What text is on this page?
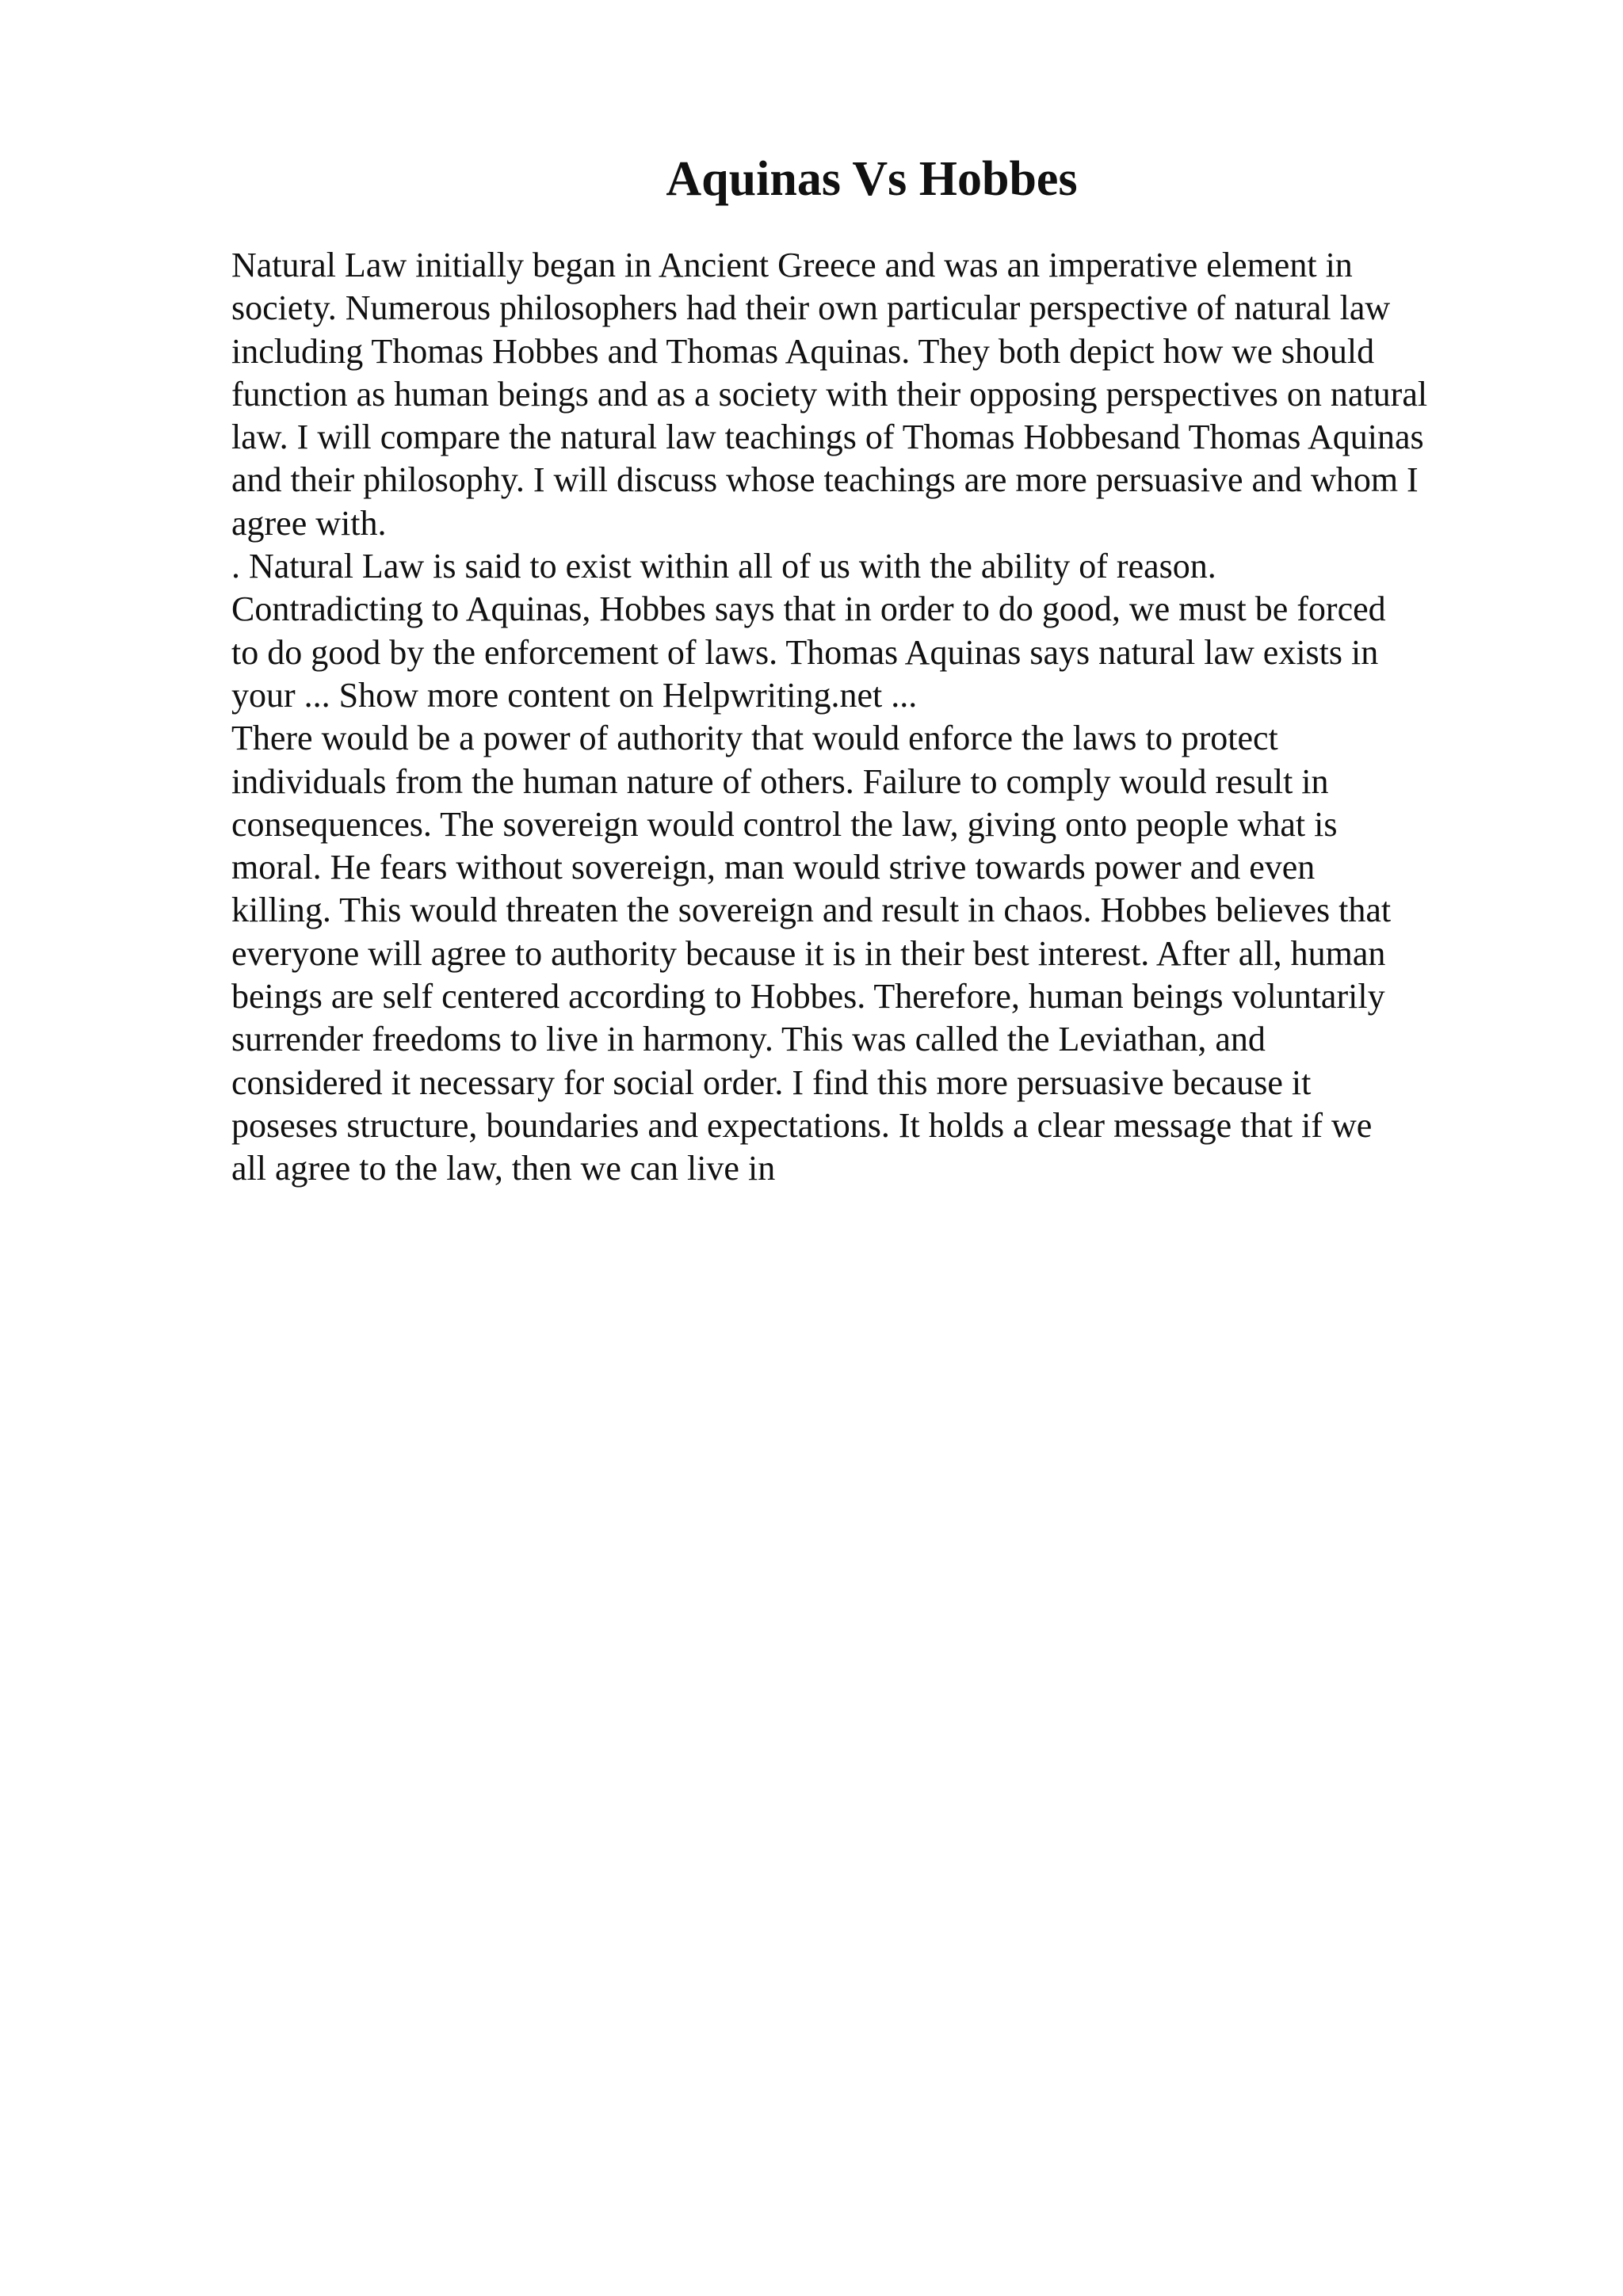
Aquinas Vs Hobbes
Natural Law initially began in Ancient Greece and was an imperative element in
society. Numerous philosophers had their own particular perspective of natural law
including Thomas Hobbes and Thomas Aquinas. They both depict how we should
function as human beings and as a society with their opposing perspectives on natural
law. I will compare the natural law teachings of Thomas Hobbesand Thomas Aquinas
and their philosophy. I will discuss whose teachings are more persuasive and whom I
agree with.
. Natural Law is said to exist within all of us with the ability of reason.
Contradicting to Aquinas, Hobbes says that in order to do good, we must be forced
to do good by the enforcement of laws. Thomas Aquinas says natural law exists in
your ... Show more content on Helpwriting.net ...
There would be a power of authority that would enforce the laws to protect
individuals from the human nature of others. Failure to comply would result in
consequences. The sovereign would control the law, giving onto people what is
moral. He fears without sovereign, man would strive towards power and even
killing. This would threaten the sovereign and result in chaos. Hobbes believes that
everyone will agree to authority because it is in their best interest. After all, human
beings are self centered according to Hobbes. Therefore, human beings voluntarily
surrender freedoms to live in harmony. This was called the Leviathan, and
considered it necessary for social order. I find this more persuasive because it
poseses structure, boundaries and expectations. It holds a clear message that if we
all agree to the law, then we can live in
